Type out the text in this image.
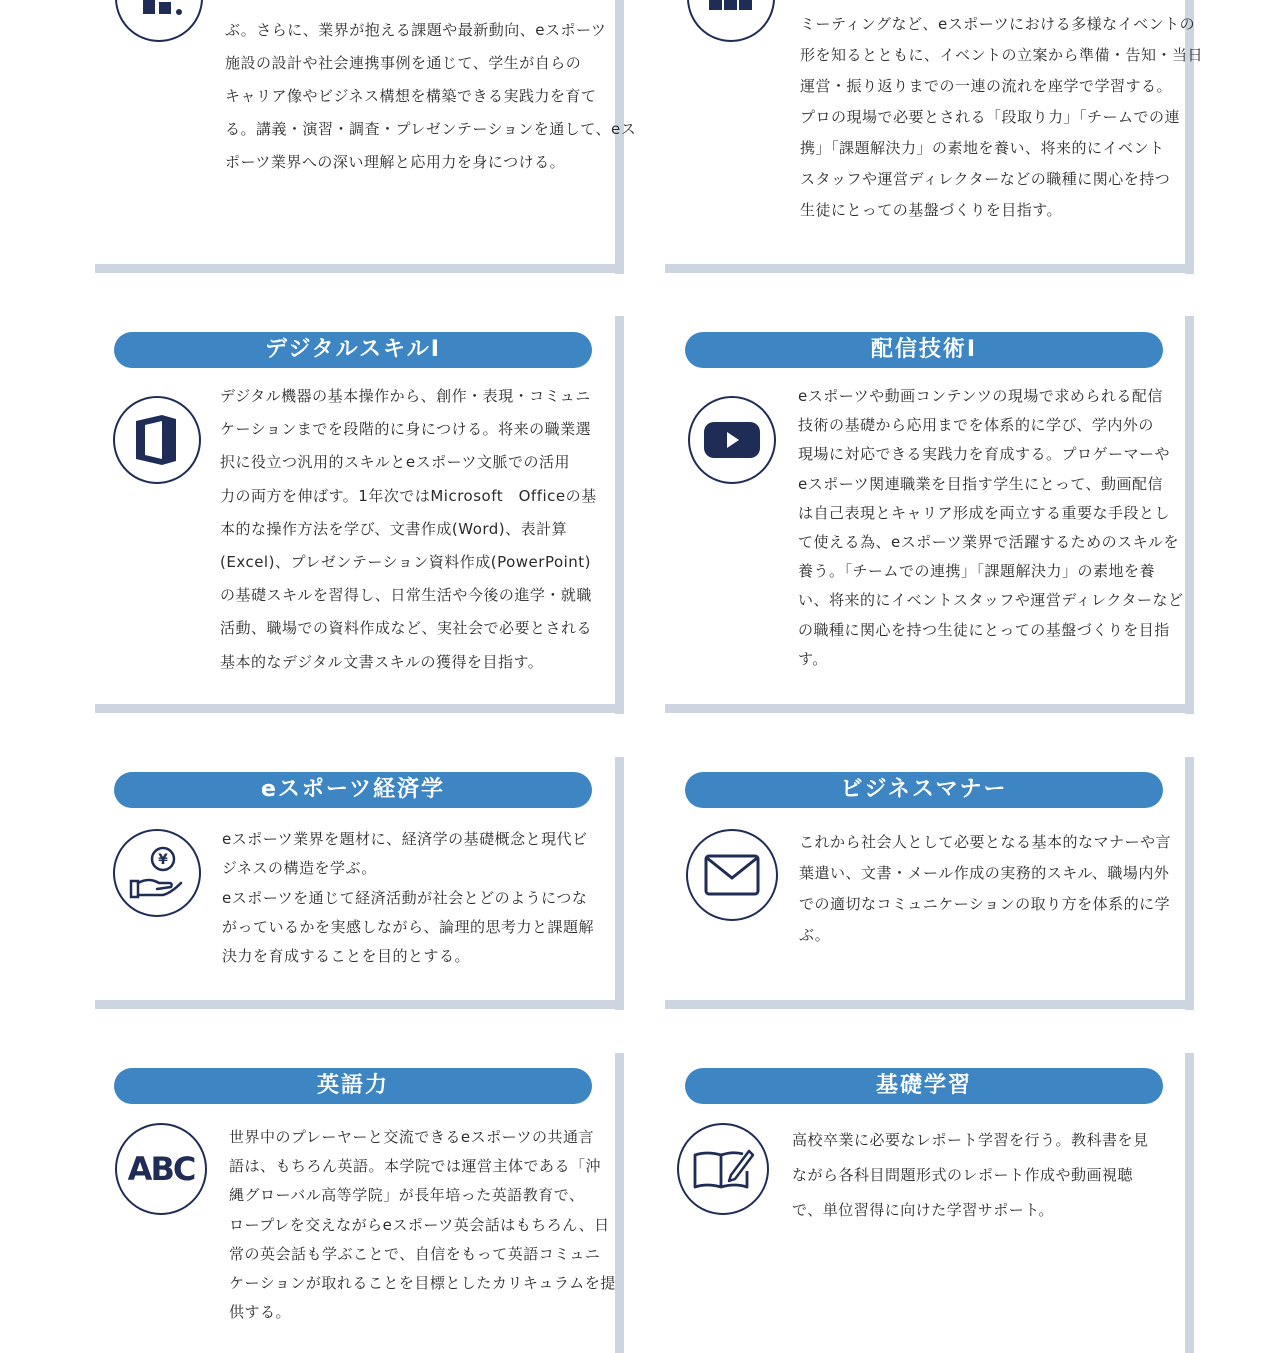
ぶ。さらに、業界が抱える課題や最新動向、eスポーツ
施設の設計や社会連携事例を通じて、学生が自らの
キャリア像やビジネス構想を構築できる実践力を育て
る。講義・演習・調査・プレゼンテーションを通して、eス
ポーツ業界への深い理解と応用力を身につける。

ミーティングなど、eスポーツにおける多様なイベントの
形を知るとともに、イベントの立案から準備・告知・当日
運営・振り返りまでの一連の流れを座学で学習する。
プロの現場で必要とされる「段取り力」「チームでの連
携」「課題解決力」の素地を養い、将来的にイベント
スタッフや運営ディレクターなどの職種に関心を持つ
生徒にとっての基盤づくりを目指す。

デジタルスキルI

デジタル機器の基本操作から、創作・表現・コミュニ
ケーションまでを段階的に身につける。将来の職業選
択に役立つ汎用的スキルとeスポーツ文脈での活用
力の両方を伸ばす。1年次ではMicrosoft　Officeの基
本的な操作方法を学び、文書作成(Word)、表計算
(Excel)、プレゼンテーション資料作成(PowerPoint)
の基礎スキルを習得し、日常生活や今後の進学・就職
活動、職場での資料作成など、実社会で必要とされる
基本的なデジタル文書スキルの獲得を目指す。

配信技術I

eスポーツや動画コンテンツの現場で求められる配信
技術の基礎から応用までを体系的に学び、学内外の
現場に対応できる実践力を育成する。プロゲーマーや
eスポーツ関連職業を目指す学生にとって、動画配信
は自己表現とキャリア形成を両立する重要な手段とし
て使える為、eスポーツ業界で活躍するためのスキルを
養う。「チームでの連携」「課題解決力」の素地を養
い、将来的にイベントスタッフや運営ディレクターなど
の職種に関心を持つ生徒にとっての基盤づくりを目指
す。

eスポーツ経済学
¥

eスポーツ業界を題材に、経済学の基礎概念と現代ビ
ジネスの構造を学ぶ。
eスポーツを通じて経済活動が社会とどのようにつな
がっているかを実感しながら、論理的思考力と課題解
決力を育成することを目的とする。

ビジネスマナー

これから社会人として必要となる基本的なマナーや言
葉遣い、文書・メール作成の実務的スキル、職場内外
での適切なコミュニケーションの取り方を体系的に学
ぶ。

英語力
ABC

世界中のプレーヤーと交流できるeスポーツの共通言
語は、もちろん英語。本学院では運営主体である「沖
縄グローバル高等学院」が長年培った英語教育で、
ロープレを交えながらeスポーツ英会話はもちろん、日
常の英会話も学ぶことで、自信をもって英語コミュニ
ケーションが取れることを目標としたカリキュラムを提
供する。

基礎学習

高校卒業に必要なレポート学習を行う。教科書を見
ながら各科目問題形式のレポート作成や動画視聴
で、単位習得に向けた学習サポート。
